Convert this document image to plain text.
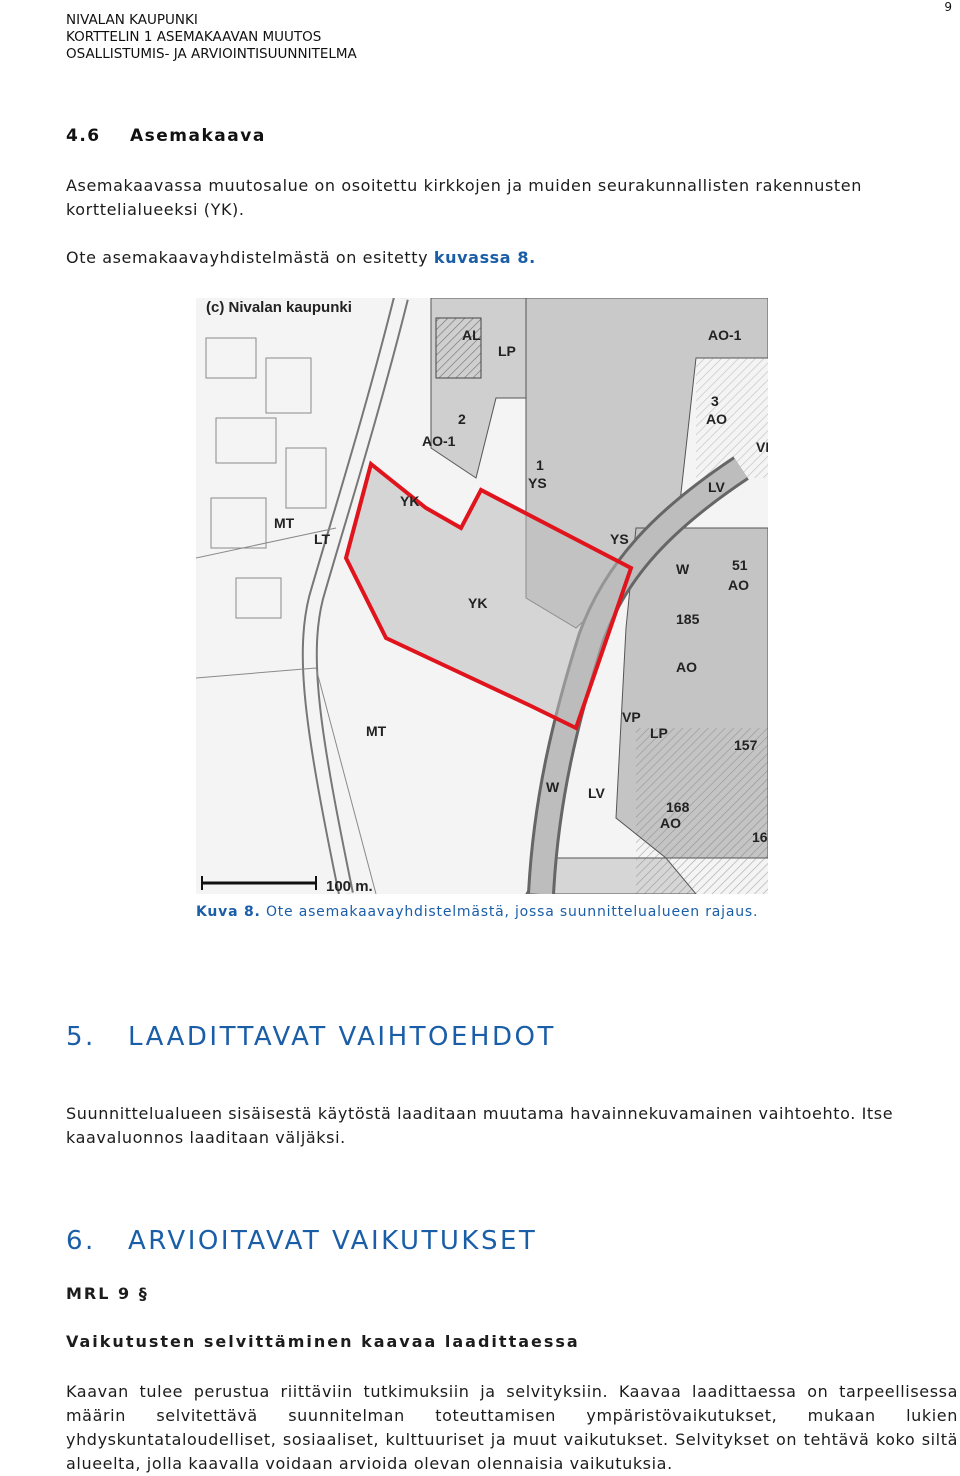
NIVALAN KAUPUNKI
KORTTELIN 1 ASEMAKAAVAN MUUTOS
OSALLISTUMIS- JA ARVIOINTISUUNNITELMA
9
4.6 Asemakaava
Asemakaavassa muutosalue on osoitettu kirkkojen ja muiden seurakunnallisten rakennusten korttelialueeksi (YK).
Ote asemakaavayhdistelmästä on esitetty kuvassa 8.
(c) Nivalan kaupunki
100 m.
AL
LP
AO-1
2
AO-1
3
AO
VI
1
YS	LV
YK
YS
YK
MT
LT
W	51
AO
185
AO
VP
LP
157
MT
W LV
168
AO
16
Kuva 8. Ote asemakaavayhdistelmästä, jossa suunnittelualueen rajaus.
5. LAADITTAVAT VAIHTOEHDOT
Suunnittelualueen sisäisestä käytöstä laaditaan muutama havainnekuvamainen vaihtoehto. Itse kaavaluonnos laaditaan väljäksi.
6. ARVIOITAVAT VAIKUTUKSET
MRL 9 §
Vaikutusten selvittäminen kaavaa laadittaessa
Kaavan tulee perustua riittäviin tutkimuksiin ja selvityksiin. Kaavaa laadittaessa on tarpeellisessa määrin selvitettävä suunnitelman toteuttamisen ympäristövaikutukset, mukaan lukien yhdyskuntataloudelliset, sosiaaliset, kulttuuriset ja muut vaikutukset. Selvitykset on tehtävä koko siltä alueelta, jolla kaavalla voidaan arvioida olevan olennaisia vaikutuksia.
